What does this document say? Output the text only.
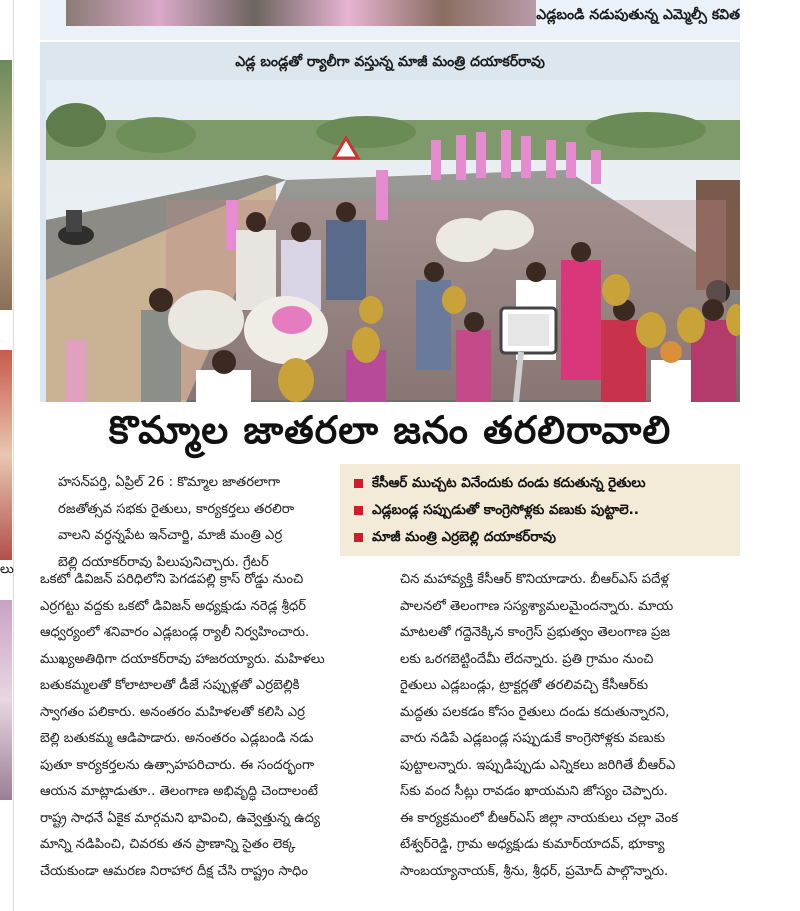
లు
ఎడ్లబండి నడుపుతున్న ఎమ్మెల్సీ కవిత
ఎడ్ల బండ్లతో ర్యాలీగా వస్తున్న మాజీ మంత్రి దయాకర్‌రావు
కొమ్మాల జాతరలా జనం తరలిరావాలి
కేసీఆర్ ముచ్చట వినేందుకు దండు కదుతున్న రైతులు
ఎడ్లబండ్ల సప్పుడుతో కాంగ్రెసోళ్లకు వణుకు పుట్టాలె..
మాజీ మంత్రి ఎర్రబెల్లి దయాకర్‌రావు
హసన్‌పర్తి, ఏప్రిల్ 26 : కొమ్మాల జాతరలాగా
రజతోత్సవ సభకు రైతులు, కార్యకర్తలు తరలిరా
వాలని వర్ధన్నపేట ఇన్‌చార్జి, మాజీ మంత్రి ఎర్ర
బెల్లి దయాకర్‌రావు పిలుపునిచ్చారు. గ్రేటర్
ఒకటో డివిజన్ పరిధిలోని పెగడపల్లి క్రాస్ రోడ్డు నుంచి
ఎర్రగట్టు వద్దకు ఒకటో డివిజన్ అధ్యక్షుడు నరెడ్ల శ్రీధర్
ఆధ్వర్యంలో శనివారం ఎడ్లబండ్ల ర్యాలీ నిర్వహించారు.
ముఖ్యఅతిథిగా దయాకర్‌రావు హాజరయ్యారు. మహిళలు
బతుకమ్మలతో కోలాటాలతో డీజే సప్పుళ్లతో ఎర్రబెల్లికి
స్వాగతం పలికారు. అనంతరం మహిళలతో కలిసి ఎర్ర
బెల్లి బతుకమ్మ ఆడిపాడారు. అనంతరం ఎడ్లబండి నడు
పుతూ కార్యకర్తలను ఉత్సాహపరిచారు. ఈ సందర్భంగా
ఆయన మాట్లాడుతూ.. తెలంగాణ అభివృద్ధి చెందాలంటే
రాష్ట్ర సాధనే ఏకైక మార్గమని భావించి, ఉవ్వెత్తున్న ఉద్య
మాన్ని నడిపించి, చివరకు తన ప్రాణాన్ని సైతం లెక్క
చేయకుండా ఆమరణ నిరాహార దీక్ష చేసి రాష్ట్రం సాధిం
చిన మహావ్యక్తి కేసీఆర్ కొనియాడారు. బీఆర్ఎస్ పదేళ్ల
పాలనలో తెలంగాణ సస్యశ్యామలమైందన్నారు. మాయ
మాటలతో గద్దెనెక్కిన కాంగ్రెస్ ప్రభుత్వం తెలంగాణ ప్రజ
లకు ఒరగబెట్టిందేమీ లేదన్నారు. ప్రతి గ్రామం నుంచి
రైతులు ఎడ్లబండ్లు, ట్రాక్టర్లతో తరలివచ్చి కేసీఆర్‌కు
మద్దతు పలకడం కోసం రైతులు దండు కదుతున్నారని,
వారు నడిపే ఎడ్లబండ్ల సప్పుడుకే కాంగ్రెసోళ్లకు వణుకు
పుట్టాలన్నారు. ఇప్పుడిప్పుడు ఎన్నికలు జరిగితే బీఆర్ఎ
స్‌కు వంద సీట్లు రావడం ఖాయమని జోస్యం చెప్పారు.
ఈ కార్యక్రమంలో బీఆర్ఎస్ జిల్లా నాయకులు చల్లా వెంక
టేశ్వర్‌రెడ్డి, గ్రామ అధ్యక్షుడు కుమార్‌యాదవ్, భూక్యా
సాంబయ్యానాయక్, శ్రీను, శ్రీధర్, ప్రమోద్ పాల్గొన్నారు.
